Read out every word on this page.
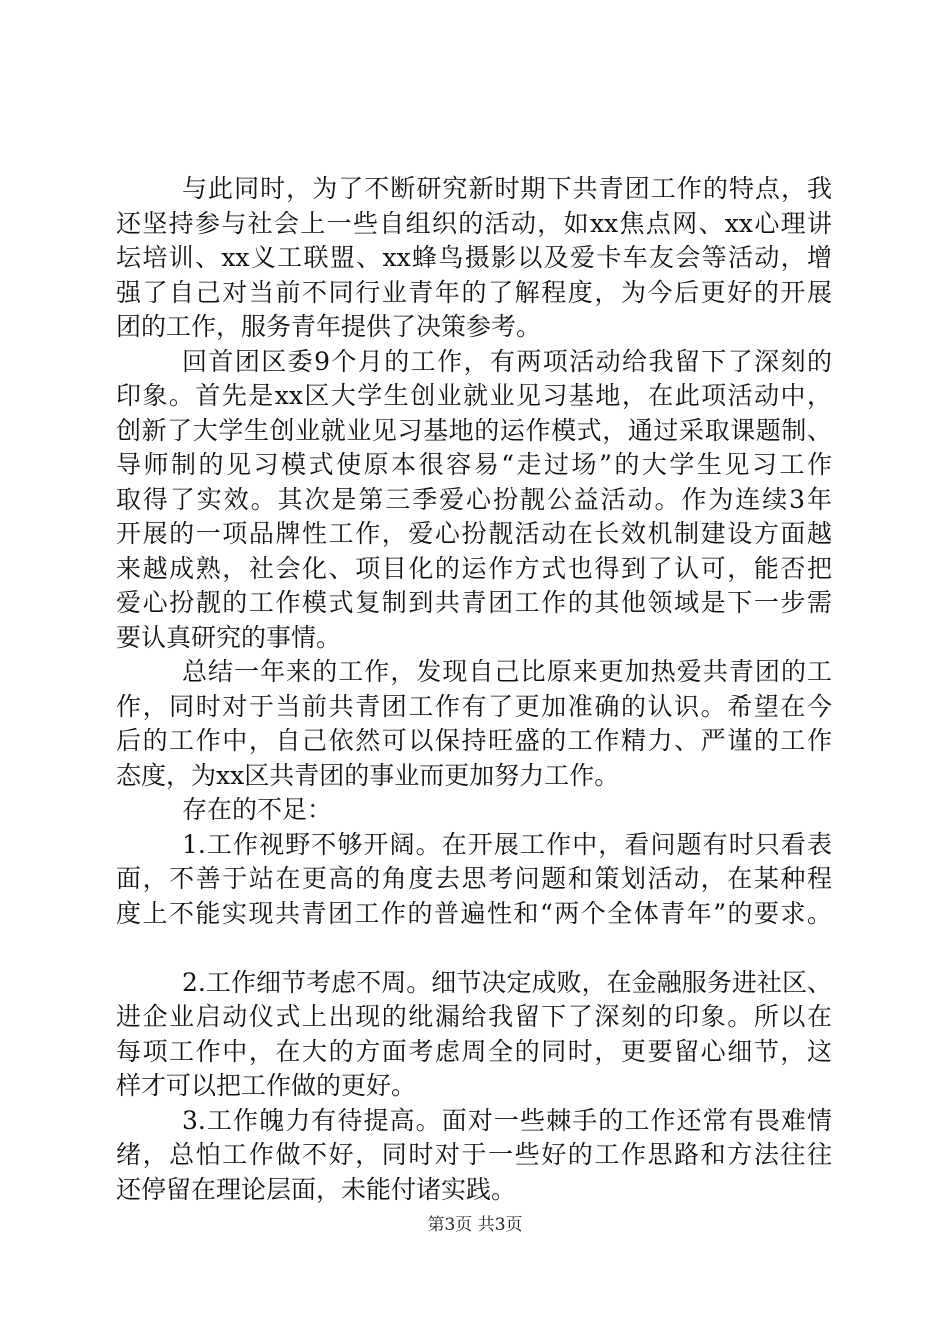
与此同时，为了不断研究新时期下共青团工作的特点，我
还坚持参与社会上一些自组织的活动，如xx焦点网、xx心理讲
坛培训、xx义工联盟、xx蜂鸟摄影以及爱卡车友会等活动，增
强了自己对当前不同行业青年的了解程度，为今后更好的开展
团的工作，服务青年提供了决策参考。
回首团区委9个月的工作，有两项活动给我留下了深刻的
印象。首先是xx区大学生创业就业见习基地，在此项活动中，
创新了大学生创业就业见习基地的运作模式，通过采取课题制、
导师制的见习模式使原本很容易“走过场”的大学生见习工作
取得了实效。其次是第三季爱心扮靓公益活动。作为连续3年
开展的一项品牌性工作，爱心扮靓活动在长效机制建设方面越
来越成熟，社会化、项目化的运作方式也得到了认可，能否把
爱心扮靓的工作模式复制到共青团工作的其他领域是下一步需
要认真研究的事情。
总结一年来的工作，发现自己比原来更加热爱共青团的工
作，同时对于当前共青团工作有了更加准确的认识。希望在今
后的工作中，自己依然可以保持旺盛的工作精力、严谨的工作
态度，为xx区共青团的事业而更加努力工作。
存在的不足：
1.工作视野不够开阔。在开展工作中，看问题有时只看表
面，不善于站在更高的角度去思考问题和策划活动，在某种程
度上不能实现共青团工作的普遍性和“两个全体青年”的要求。
2.工作细节考虑不周。细节决定成败，在金融服务进社区、
进企业启动仪式上出现的纰漏给我留下了深刻的印象。所以在
每项工作中，在大的方面考虑周全的同时，更要留心细节，这
样才可以把工作做的更好。
3.工作魄力有待提高。面对一些棘手的工作还常有畏难情
绪，总怕工作做不好，同时对于一些好的工作思路和方法往往
还停留在理论层面，未能付诸实践。
第3页 共3页
